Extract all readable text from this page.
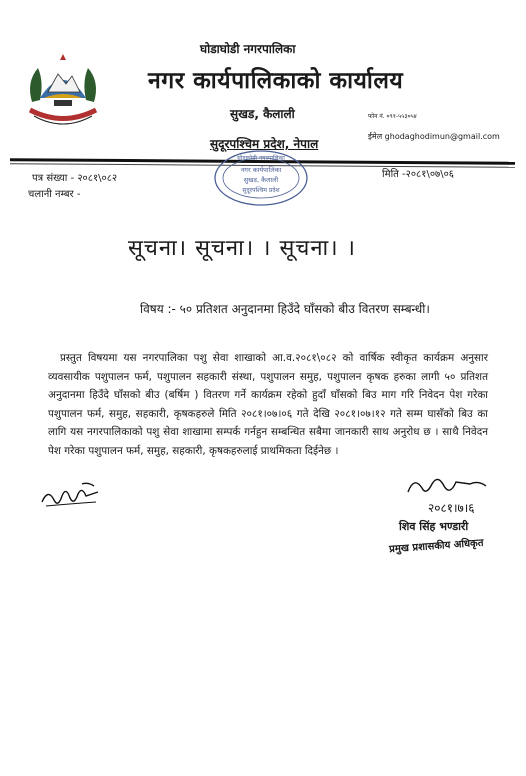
घोडाघोडी नगरपालिका
नगर कार्यपालिकाको कार्यालय
सुखड, कैलाली
सुदूरपश्चिम प्रदेश, नेपाल
फोन नं. ०९१-५५३०५४
ईमेल ghodaghodimun@gmail.com
पत्र संख्या - २०८१\०८२
चलानी नम्बर -
मिति -२०८१\०७\०६
नगर कार्यपालिका
सुखड, कैलाली
सुदूरपश्चिम प्रदेश
घोडाघोडी नगरपालिका
सूचना। सूचना। । सूचना। ।
विषय :- ५० प्रतिशत अनुदानमा हिउँदे घाँसको बीउ वितरण सम्बन्धी।
प्रस्तुत विषयमा यस नगरपालिका पशु सेवा शाखाको आ.व.२०८१\०८२ को वार्षिक स्वीकृत कार्यक्रम अनुसार व्यवसायीक पशुपालन फर्म, पशुपालन सहकारी संस्था, पशुपालन समुह, पशुपालन कृषक हरुका लागी ५० प्रतिशत अनुदानमा हिउँदे घाँसको बीउ (बर्षिम ) वितरण गर्ने कार्यक्रम रहेको हुदाँ घाँसको बिउ माग गरि निवेदन पेश गरेका पशुपालन फर्म, समुह, सहकारी, कृषकहरुले मिति २०८१।०७।०६ गते देखि २०८१।०७।१२ गते सम्म घासँको बिउ का लागि यस नगरपालिकाको पशु सेवा शाखामा सम्पर्क गर्नहुन सम्बन्धित सबैमा जानकारी साथ अनुरोध छ । साथै निवेदन पेश गरेका पशुपालन फर्म, समुह, सहकारी, कृषकहरुलाई प्राथमिकता दिईनेछ ।
२०८१।७।६
शिव सिंह भण्डारी
प्रमुख प्रशासकीय अधिकृत
